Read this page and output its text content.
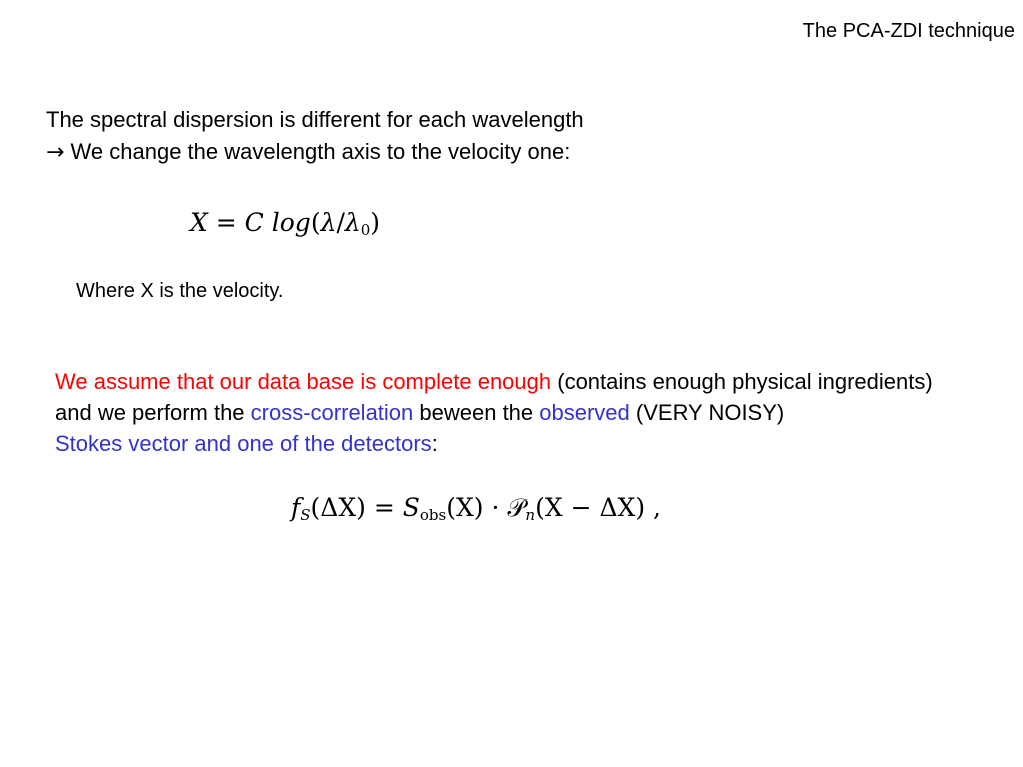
The PCA-ZDI technique
The spectral dispersion is different for each wavelength
→ We change the wavelength axis to the velocity one:
X = C $\log(\lambda/\lambda_0)$
Where X is the velocity.
We assume that our data base is complete enough (contains enough physical ingredients)
and we perform the cross-correlation beween the observed (VERY NOISY)
Stokes vector and one of the detectors:
$f_S(\Delta X) = S_{obs}(X)$ · 𝒫$_n$(X − ΔX) ,
